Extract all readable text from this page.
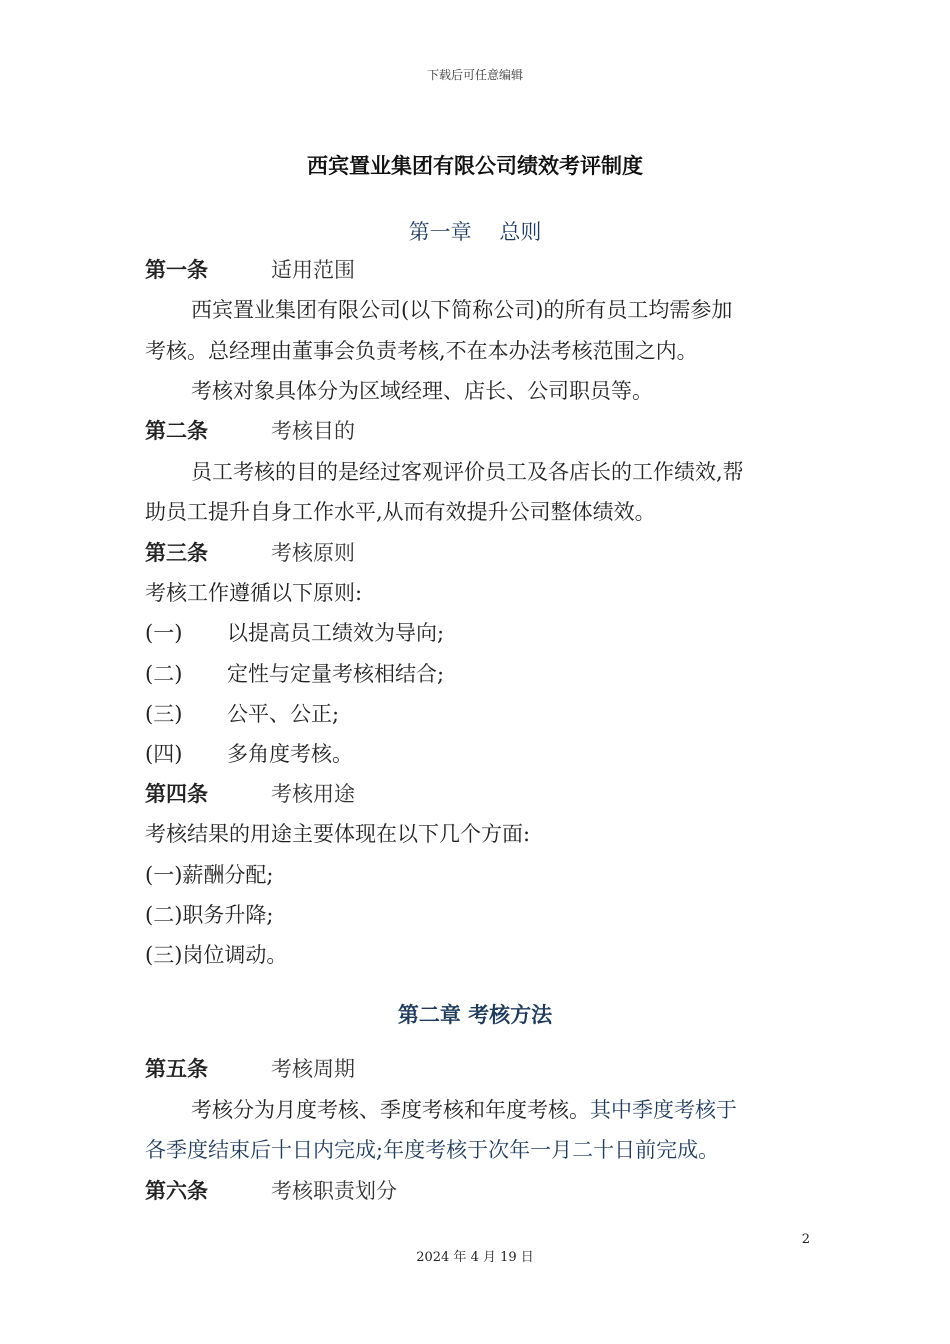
下载后可任意编辑
西宾置业集团有限公司绩效考评制度
第一章　 总则
第一条	适用范围
西宾置业集团有限公司(以下简称公司)的所有员工均需参加
考核。总经理由董事会负责考核,不在本办法考核范围之内。
考核对象具体分为区域经理、店长、公司职员等。
第二条	考核目的
员工考核的目的是经过客观评价员工及各店长的工作绩效,帮
助员工提升自身工作水平,从而有效提升公司整体绩效。
第三条	考核原则
考核工作遵循以下原则:
(一) 以提高员工绩效为导向;
(二) 定性与定量考核相结合;
(三) 公平、公正;
(四) 多角度考核。
第四条	考核用途
考核结果的用途主要体现在以下几个方面:
(一)薪酬分配;
(二)职务升降;
(三)岗位调动。
第二章 考核方法
第五条	考核周期
考核分为月度考核、季度考核和年度考核。其中季度考核于
各季度结束后十日内完成;年度考核于次年一月二十日前完成。
第六条	考核职责划分
2
2024 年 4 月 19 日
